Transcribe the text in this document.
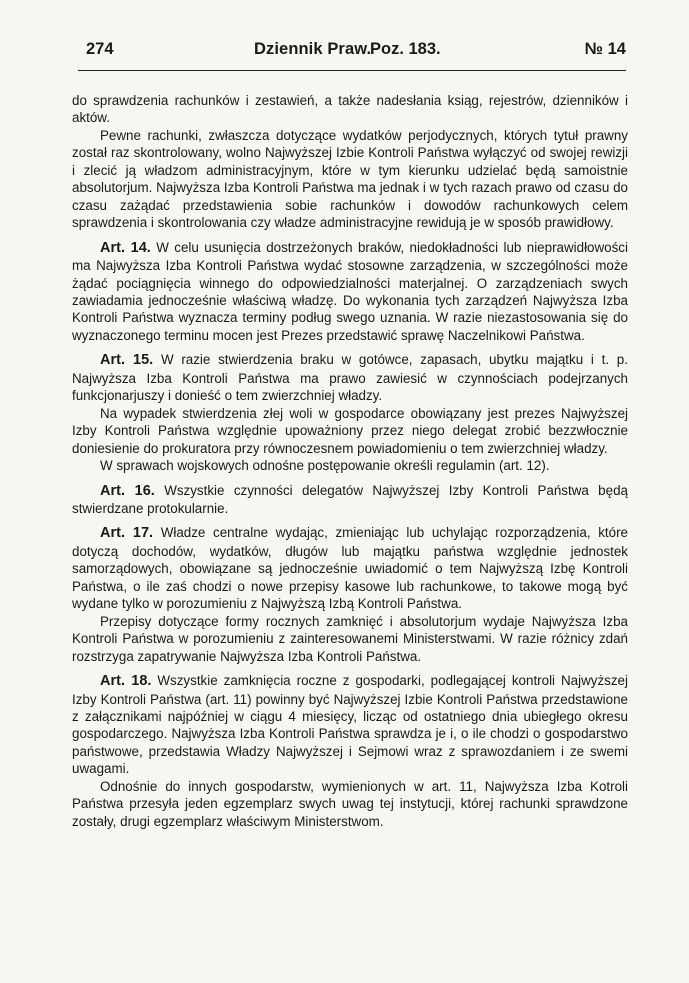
274	Dziennik Praw.
Poz. 183.	№ 14

do sprawdzenia rachunków i zestawień, a także nadesłania ksiąg, rejestrów, dzienników i aktów.

Pewne rachunki, zwłaszcza dotyczące wydatków perjodycznych, których tytuł prawny został raz skontrolowany, wolno Najwyższej Izbie Kontroli Państwa wyłączyć od swojej rewizji i zlecić ją władzom administracyjnym, które w tym kierunku udzielać będą samoistnie absolutorjum. Najwyższa Izba Kontroli Państwa ma jednak i w tych razach prawo od czasu do czasu zażądać przedstawienia sobie rachunków i dowodów rachunkowych celem sprawdzenia i skontrolowania czy władze administracyjne rewidują je w sposób prawidłowy.

Art. 14. W celu usunięcia dostrzeżonych braków, niedokładności lub nieprawidłowości ma Najwyższa Izba Kontroli Państwa wydać stosowne zarządzenia, w szczególności może żądać pociągnięcia winnego do odpowiedzialności materjalnej. O zarządzeniach swych zawiadamia jednocześnie właściwą władzę. Do wykonania tych zarządzeń Najwyższa Izba Kontroli Państwa wyznacza terminy podług swego uznania. W razie niezastosowania się do wyznaczonego terminu mocen jest Prezes przedstawić sprawę Naczelnikowi Państwa.

Art. 15. W razie stwierdzenia braku w gotówce, zapasach, ubytku majątku i t. p. Najwyższa Izba Kontroli Państwa ma prawo zawiesić w czynnościach podejrzanych funkcjonarjuszy i donieść o tem zwierzchniej władzy.

Na wypadek stwierdzenia złej woli w gospodarce obowiązany jest prezes Najwyższej Izby Kontroli Państwa względnie upoważniony przez niego delegat zrobić bezzwłocznie doniesienie do prokuratora przy równoczesnem powiadomieniu o tem zwierzchniej władzy.

W sprawach wojskowych odnośne postępowanie określi regulamin (art. 12).

Art. 16. Wszystkie czynności delegatów Najwyższej Izby Kontroli Państwa będą stwierdzane protokularnie.

Art. 17. Władze centralne wydając, zmieniając lub uchylając rozporządzenia, które dotyczą dochodów, wydatków, długów lub majątku państwa względnie jednostek samorządowych, obowiązane są jednocześnie uwiadomić o tem Najwyższą Izbę Kontroli Państwa, o ile zaś chodzi o nowe przepisy kasowe lub rachunkowe, to takowe mogą być wydane tylko w porozumieniu z Najwyższą Izbą Kontroli Państwa.

Przepisy dotyczące formy rocznych zamknięć i absolutorjum wydaje Najwyższa Izba Kontroli Państwa w porozumieniu z zainteresowanemi Ministerstwami. W razie różnicy zdań rozstrzyga zapatrywanie Najwyższa Izba Kontroli Państwa.

Art. 18. Wszystkie zamknięcia roczne z gospodarki, podlegającej kontroli Najwyższej Izby Kontroli Państwa (art. 11) powinny być Najwyższej Izbie Kontroli Państwa przedstawione z załącznikami najpóźniej w ciągu 4 miesięcy, licząc od ostatniego dnia ubiegłego okresu gospodarczego. Najwyższa Izba Kontroli Państwa sprawdza je i, o ile chodzi o gospodarstwo państwowe, przedstawia Władzy Najwyższej i Sejmowi wraz z sprawozdaniem i ze swemi uwagami.

Odnośnie do innych gospodarstw, wymienionych w art. 11, Najwyższa Izba Kotroli Państwa przesyła jeden egzemplarz swych uwag tej instytucji, której rachunki sprawdzone zostały, drugi egzemplarz właściwym Ministerstwom.
